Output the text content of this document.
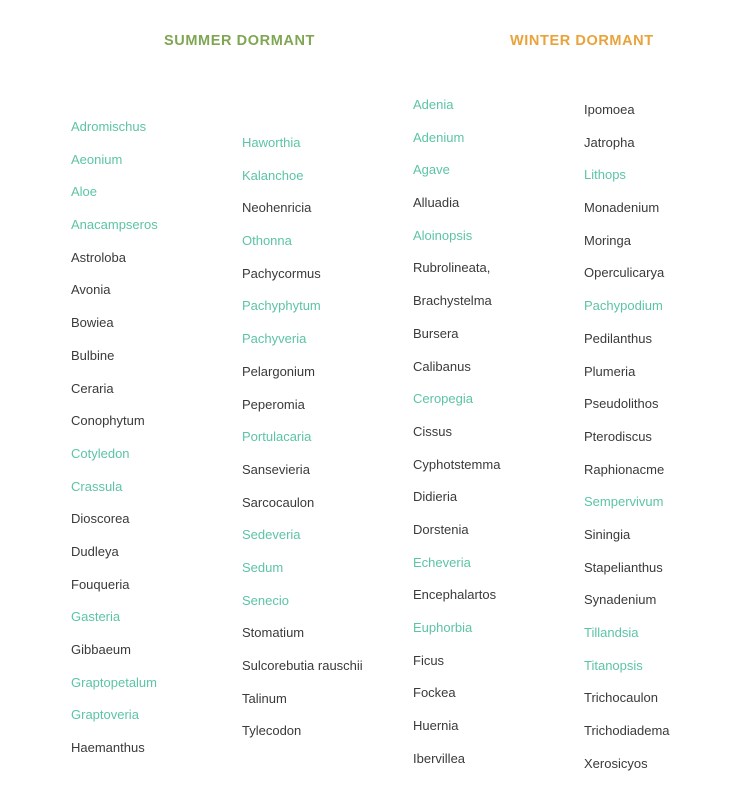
SUMMER DORMANT	WINTER DORMANT
Adromischus
Aeonium
Aloe
Anacampseros
Astroloba
Avonia
Bowiea
Bulbine
Ceraria
Conophytum
Cotyledon
Crassula
Dioscorea
Dudleya
Fouqueria
Gasteria
Gibbaeum
Graptopetalum
Graptoveria
Haemanthus
Haworthia
Kalanchoe
Neohenricia
Othonna
Pachycormus
Pachyphytum
Pachyveria
Pelargonium
Peperomia
Portulacaria
Sansevieria
Sarcocaulon
Sedeveria
Sedum
Senecio
Stomatium
Sulcorebutia rauschii
Talinum
Tylecodon
Adenia
Adenium
Agave
Alluadia
Aloinopsis
Rubrolineata,
Brachystelma
Bursera
Calibanus
Ceropegia
Cissus
Cyphotstemma
Didieria
Dorstenia
Echeveria
Encephalartos
Euphorbia
Ficus
Fockea
Huernia
Ibervillea
Ipomoea
Jatropha
Lithops
Monadenium
Moringa
Operculicarya
Pachypodium
Pedilanthus
Plumeria
Pseudolithos
Pterodiscus
Raphionacme
Sempervivum
Siningia
Stapelianthus
Synadenium
Tillandsia
Titanopsis
Trichocaulon
Trichodiadema
Xerosicyos
